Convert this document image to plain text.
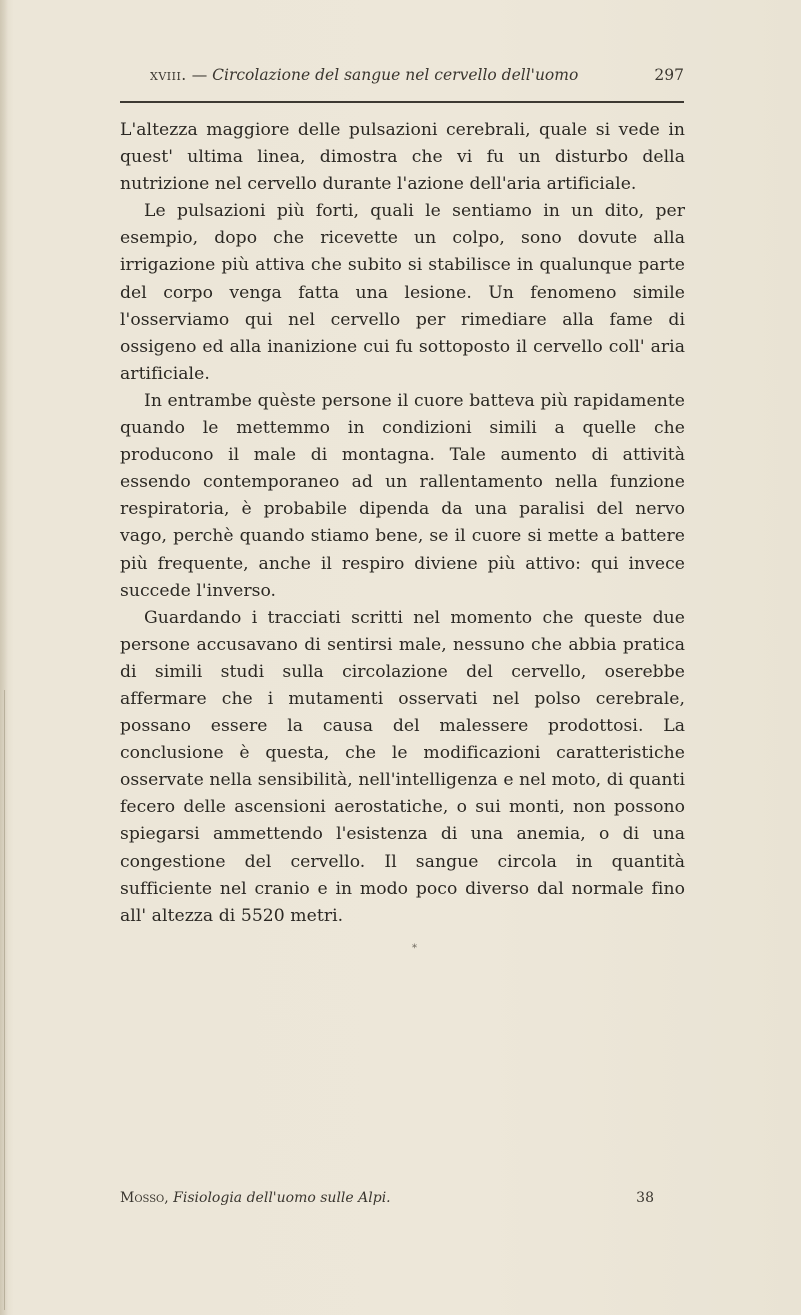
xviii. — Circolazione del sangue nel cervello dell'uomo	297

L'altezza maggiore delle pulsazioni cerebrali, quale si vede in quest' ultima linea, dimostra che vi fu un disturbo della nutrizione nel cervello durante l'azione dell'aria artificiale.

Le pulsazioni più forti, quali le sentiamo in un dito, per esempio, dopo che ricevette un colpo, sono dovute alla irrigazione più attiva che subito si stabilisce in qualunque parte del corpo venga fatta una lesione. Un fenomeno simile l'osserviamo qui nel cervello per rimediare alla fame di ossigeno ed alla inanizione cui fu sottoposto il cervello coll' aria artificiale.

In entrambe quèste persone il cuore batteva più rapidamente quando le mettemmo in condizioni simili a quelle che producono il male di montagna. Tale aumento di attività essendo contemporaneo ad un rallentamento nella funzione respiratoria, è probabile dipenda da una paralisi del nervo vago, perchè quando stiamo bene, se il cuore si mette a battere più frequente, anche il respiro diviene più attivo: qui invece succede l'inverso.

Guardando i tracciati scritti nel momento che queste due persone accusavano di sentirsi male, nessuno che abbia pratica di simili studi sulla circolazione del cervello, oserebbe affermare che i mutamenti osservati nel polso cerebrale, possano essere la causa del malessere prodottosi. La conclusione è questa, che le modificazioni caratteristiche osservate nella sensibilità, nell'intelligenza e nel moto, di quanti fecero delle ascensioni aerostatiche, o sui monti, non possono spiegarsi ammettendo l'esistenza di una anemia, o di una congestione del cervello. Il sangue circola in quantità sufficiente nel cranio e in modo poco diverso dal normale fino all' altezza di 5520 metri.

*
Mosso, Fisiologia dell'uomo sulle Alpi.	38
